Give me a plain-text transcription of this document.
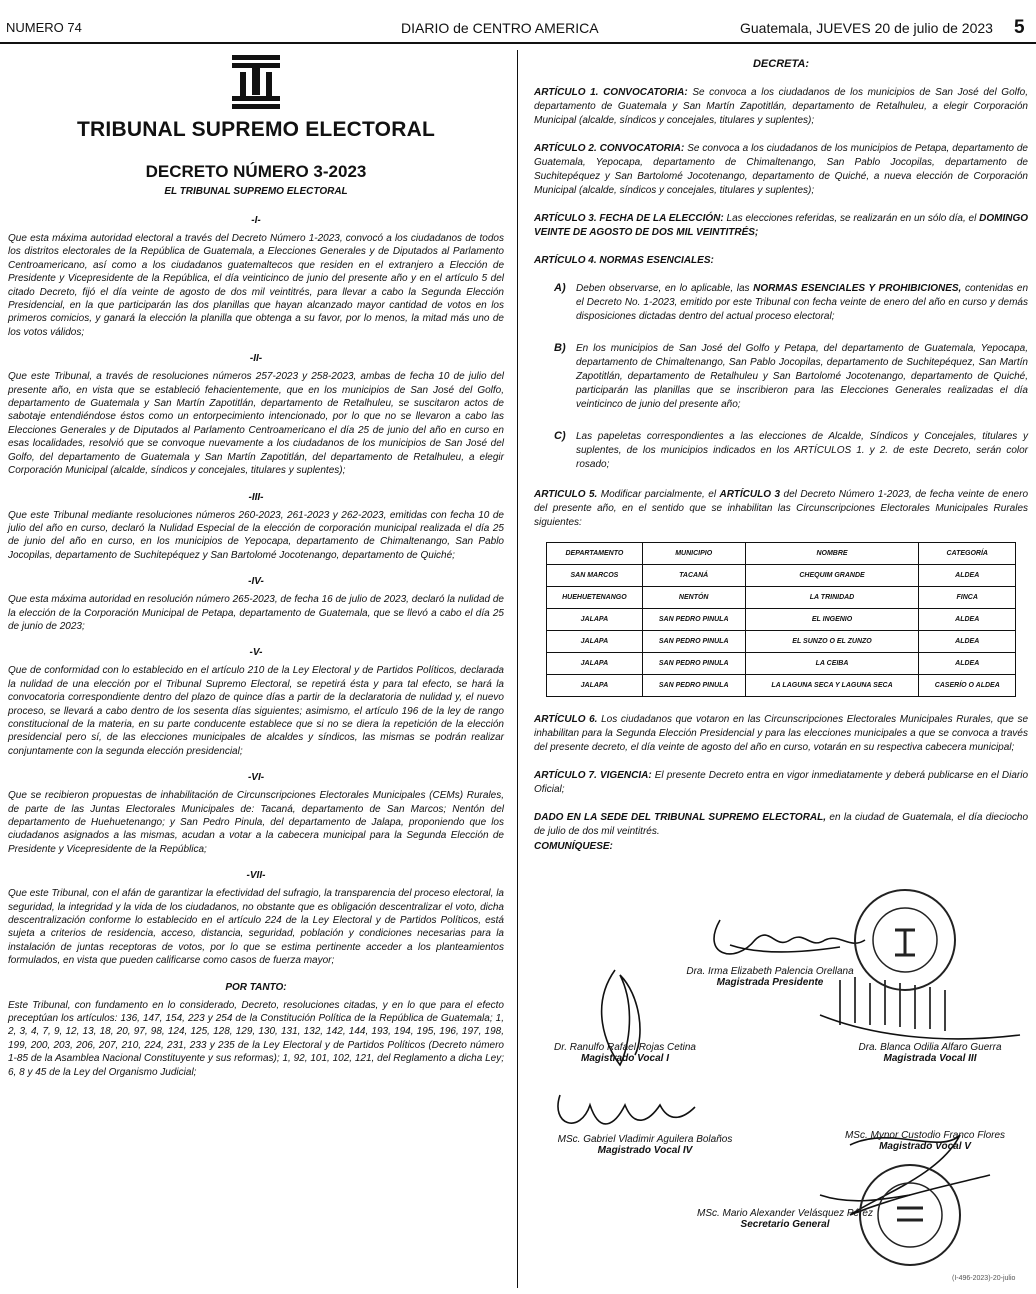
NUMERO 74	DIARIO de CENTRO AMERICA	Guatemala, JUEVES 20 de julio de 2023 5
TRIBUNAL SUPREMO ELECTORAL
DECRETO NÚMERO 3-2023
EL TRIBUNAL SUPREMO ELECTORAL
-I-

Que esta máxima autoridad electoral a través del Decreto Número 1-2023, convocó a los ciudadanos de todos los distritos electorales de la República de Guatemala, a Elecciones Generales y de Diputados al Parlamento Centroamericano, así como a los ciudadanos guatemaltecos que residen en el extranjero a Elección de Presidente y Vicepresidente de la República, el día veinticinco de junio del presente año y en el artículo 5 del citado Decreto, fijó el día veinte de agosto de dos mil veintitrés, para llevar a cabo la Segunda Elección Presidencial, en la que participarán las dos planillas que hayan alcanzado mayor cantidad de votos en los primeros comicios, y ganará la elección la planilla que obtenga a su favor, por lo menos, la mitad más uno de los votos válidos;

-II-

Que este Tribunal, a través de resoluciones números 257-2023 y 258-2023, ambas de fecha 10 de julio del presente año, en vista que se estableció fehacientemente, que en los municipios de San José del Golfo, departamento de Guatemala y San Martín Zapotitlán, departamento de Retalhuleu, se suscitaron actos de sabotaje entendiéndose éstos como un entorpecimiento intencionado, por lo que no se llevaron a cabo las Elecciones Generales y de Diputados al Parlamento Centroamericano el día 25 de junio del año en curso en esas localidades, resolvió que se convoque nuevamente a los ciudadanos de los municipios de San José del Golfo, del departamento de Guatemala y San Martín Zapotitlán, del departamento de Retalhuleu, a elegir Corporación Municipal (alcalde, síndicos y concejales, titulares y suplentes);

-III-

Que este Tribunal mediante resoluciones números 260-2023, 261-2023 y 262-2023, emitidas con fecha 10 de julio del año en curso, declaró la Nulidad Especial de la elección de corporación municipal realizada el día 25 de junio del año en curso, en los municipios de Yepocapa, departamento de Chimaltenango, San Pablo Jocopilas, departamento de Suchitepéquez y San Bartolomé Jocotenango, departamento de Quiché;

-IV-

Que esta máxima autoridad en resolución número 265-2023, de fecha 16 de julio de 2023, declaró la nulidad de la elección de la Corporación Municipal de Petapa, departamento de Guatemala, que se llevó a cabo el día 25 de junio de 2023;

-V-

Que de conformidad con lo establecido en el artículo 210 de la Ley Electoral y de Partidos Políticos, declarada la nulidad de una elección por el Tribunal Supremo Electoral, se repetirá ésta y para tal efecto, se hará la convocatoria correspondiente dentro del plazo de quince días a partir de la declaratoria de nulidad y, el nuevo proceso, se llevará a cabo dentro de los sesenta días siguientes; asimismo, el artículo 196 de la ley de rango constitucional de la materia, en su parte conducente establece que si no se diera la repetición de la elección presidencial pero sí, de las elecciones municipales de alcaldes y síndicos, las mismas se podrán realizar conjuntamente con la segunda elección presidencial;

-VI-

Que se recibieron propuestas de inhabilitación de Circunscripciones Electorales Municipales (CEMs) Rurales, de parte de las Juntas Electorales Municipales de: Tacaná, departamento de San Marcos; Nentón del departamento de Huehuetenango; y San Pedro Pinula, del departamento de Jalapa, proponiendo que los ciudadanos asignados a las mismas, acudan a votar a la cabecera municipal para la Segunda Elección de Presidente y Vicepresidente de la República;

-VII-

Que este Tribunal, con el afán de garantizar la efectividad del sufragio, la transparencia del proceso electoral, la seguridad, la integridad y la vida de los ciudadanos, no obstante que es obligación descentralizar el voto, dicha descentralización conforme lo establecido en el artículo 224 de la Ley Electoral y de Partidos Políticos, está sujeta a criterios de residencia, acceso, distancia, seguridad, población y condiciones necesarias para la instalación de juntas receptoras de votos, por lo que se estima pertinente acceder a los planteamientos formulados, en vista que pueden calificarse como casos de fuerza mayor;

POR TANTO:

Este Tribunal, con fundamento en lo considerado, Decreto, resoluciones citadas, y en lo que para el efecto preceptúan los artículos: 136, 147, 154, 223 y 254 de la Constitución Política de la República de Guatemala; 1, 2, 3, 4, 7, 9, 12, 13, 18, 20, 97, 98, 124, 125, 128, 129, 130, 131, 132, 142, 144, 193, 194, 195, 196, 197, 198, 199, 200, 203, 206, 207, 210, 224, 231, 233 y 235 de la Ley Electoral y de Partidos Políticos (Decreto número 1-85 de la Asamblea Nacional Constituyente y sus reformas); 1, 92, 101, 102, 121, del Reglamento a dicha Ley; 6, 8 y 45 de la Ley del Organismo Judicial;

DECRETA:

ARTÍCULO 1. CONVOCATORIA: Se convoca a los ciudadanos de los municipios de San José del Golfo, departamento de Guatemala y San Martín Zapotitlán, departamento de Retalhuleu, a elegir Corporación Municipal (alcalde, síndicos y concejales, titulares y suplentes);

ARTÍCULO 2. CONVOCATORIA: Se convoca a los ciudadanos de los municipios de Petapa, departamento de Guatemala, Yepocapa, departamento de Chimaltenango, San Pablo Jocopilas, departamento de Suchitepéquez y San Bartolomé Jocotenango, departamento de Quiché, a nueva elección de Corporación Municipal (alcalde, síndicos y concejales, titulares y suplentes);

ARTÍCULO 3. FECHA DE LA ELECCIÓN: Las elecciones referidas, se realizarán en un sólo día, el DOMINGO VEINTE DE AGOSTO DE DOS MIL VEINTITRÉS;

ARTÍCULO 4. NORMAS ESENCIALES:

A)	Deben observarse, en lo aplicable, las NORMAS ESENCIALES Y PROHIBICIONES, contenidas en el Decreto No. 1-2023, emitido por este Tribunal con fecha veinte de enero del año en curso y demás disposiciones dictadas dentro del actual proceso electoral;
B)	En los municipios de San José del Golfo y Petapa, del departamento de Guatemala, Yepocapa, departamento de Chimaltenango, San Pablo Jocopilas, departamento de Suchitepéquez, San Martín Zapotitlán, departamento de Retalhuleu y San Bartolomé Jocotenango, departamento de Quiché, participarán las planillas que se inscribieron para las Elecciones Generales realizadas el día veinticinco de junio del presente año;
C)	Las papeletas correspondientes a las elecciones de Alcalde, Síndicos y Concejales, titulares y suplentes, de los municipios indicados en los ARTÍCULOS 1. y 2. de este Decreto, serán color rosado;

ARTICULO 5. Modificar parcialmente, el ARTÍCULO 3 del Decreto Número 1-2023, de fecha veinte de enero del presente año, en el sentido que se inhabilitan las Circunscripciones Electorales Municipales Rurales siguientes:

DEPARTAMENTO	MUNICIPIO	NOMBRE	CATEGORÍA
SAN MARCOS	TACANÁ	CHEQUIM GRANDE	ALDEA
HUEHUETENANGO	NENTÓN	LA TRINIDAD	FINCA
JALAPA	SAN PEDRO PINULA	EL INGENIO	ALDEA
JALAPA	SAN PEDRO PINULA	EL SUNZO O EL ZUNZO	ALDEA
JALAPA	SAN PEDRO PINULA	LA CEIBA	ALDEA
JALAPA	SAN PEDRO PINULA	LA LAGUNA SECA Y LAGUNA SECA	CASERÍO O ALDEA

ARTÍCULO 6. Los ciudadanos que votaron en las Circunscripciones Electorales Municipales Rurales, que se inhabilitan para la Segunda Elección Presidencial y para las elecciones municipales a que se convoca a través del presente decreto, el día veinte de agosto del año en curso, votarán en su respectiva cabecera municipal;

ARTÍCULO 7. VIGENCIA: El presente Decreto entra en vigor inmediatamente y deberá publicarse en el Diario Oficial;

DADO EN LA SEDE DEL TRIBUNAL SUPREMO ELECTORAL, en la ciudad de Guatemala, el día dieciocho de julio de dos mil veintitrés.

COMUNÍQUESE:
Dra. Irma Elizabeth Palencia Orellana
Magistrada Presidente
Dr. Ranulfo Rafael Rojas Cetina
Magistrado Vocal I
Dra. Blanca Odilia Alfaro Guerra
Magistrada Vocal III
MSc. Gabriel Vladimir Aguilera Bolaños
Magistrado Vocal IV
MSc. Mynor Custodio Franco Flores
Magistrado Vocal V
MSc. Mario Alexander Velásquez Pérez
Secretario General
(I-496-2023)-20-julio
